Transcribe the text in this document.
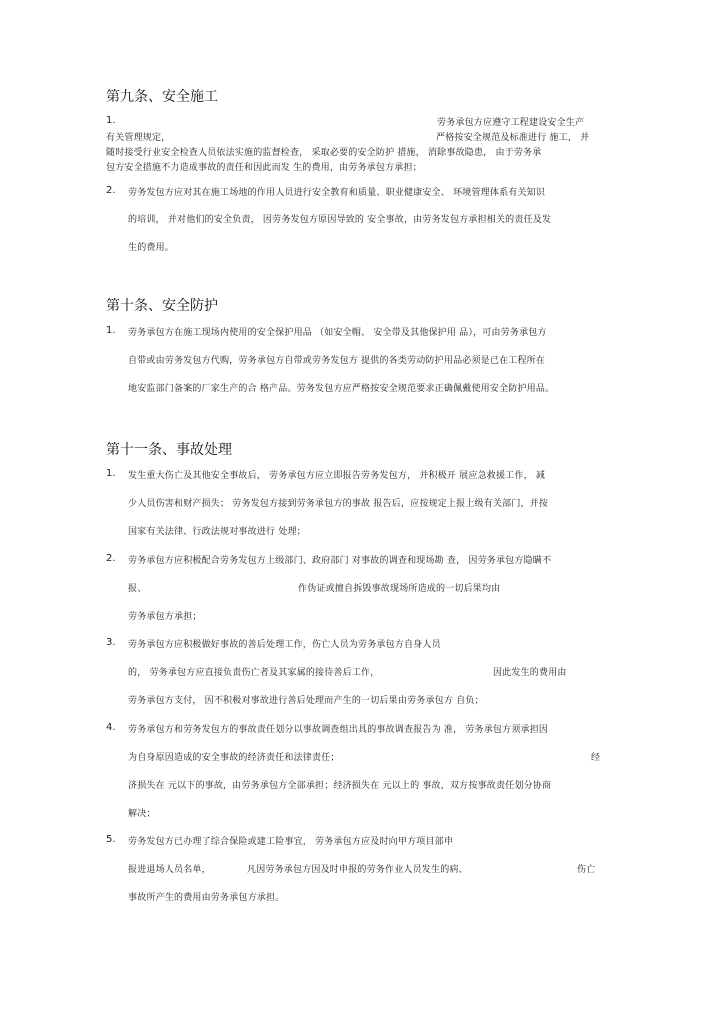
第九条、安全施工
1.	劳务承包方应遵守工程建设安全生产
有关管理规定，	严格按安全规范及标准进行 施工， 并
随时接受行业安全检查人员依法实施的监督检查， 采取必要的安全防护 措施， 消除事故隐患， 由于劳务承
包方安全措施不力造成事故的责任和因此而发 生的费用，由劳务承包方承担；
2. 劳务发包方应对其在施工场地的作用人员进行安全教育和质量、职业健康安全、 环境管理体系有关知识
的培训， 并对他们的安全负责， 因劳务发包方原因导致的 安全事故，由劳务发包方承担相关的责任及发
生的费用。
第十条、安全防护
1. 劳务承包方在施工现场内使用的安全保护用品 （如安全帽、 安全带及其他保护用 品），可由劳务承包方
自带或由劳务发包方代购，劳务承包方自带或劳务发包方 提供的各类劳动防护用品必须是已在工程所在
地安监部门备案的厂家生产的合 格产品。劳务发包方应严格按安全规范要求正确佩戴使用安全防护用品。
第十一条、事故处理
1. 发生重大伤亡及其他安全事故后， 劳务承包方应立即报告劳务发包方， 并积极开 展应急救援工作， 减
少人员伤害和财产损失； 劳务发包方接到劳务承包方的事故 报告后，应按规定上报上级有关部门，并按
国家有关法律、行政法规对事故进行 处理；
2. 劳务承包方应积极配合劳务发包方上级部门、政府部门 对事故的调查和现场勘 查， 因劳务承包方隐瞒不
报、	作伪证或擅自拆毁事故现场所造成的一切后果均由
劳务承包方承担；
3. 劳务承包方应积极做好事故的善后处理工作，伤亡人员为劳务承包方自身人员
的， 劳务承包方应直接负责伤亡者及其家属的接待善后工作，	因此发生的费用由
劳务承包方支付， 因不积极对事故进行善后处理而产生的一切后果由劳务承包方 自负；
4. 劳务承包方和劳务发包方的事故责任划分以事故调查组出具的事故调查报告为 准， 劳务承包方须承担因
为自身原因造成的安全事故的经济责任和法律责任；	经
济损失在 元以下的事故，由劳务承包方全部承担；经济损失在 元以上的 事故，双方按事故责任划分协商
解决；
5. 劳务发包方已办理了综合保险或建工险事宜， 劳务承包方应及时向甲方项目部申
报进退场人员名单，	凡因劳务承包方因及时申报的劳务作业人员发生的病、	伤亡
事故所产生的费用由劳务承包方承担。
